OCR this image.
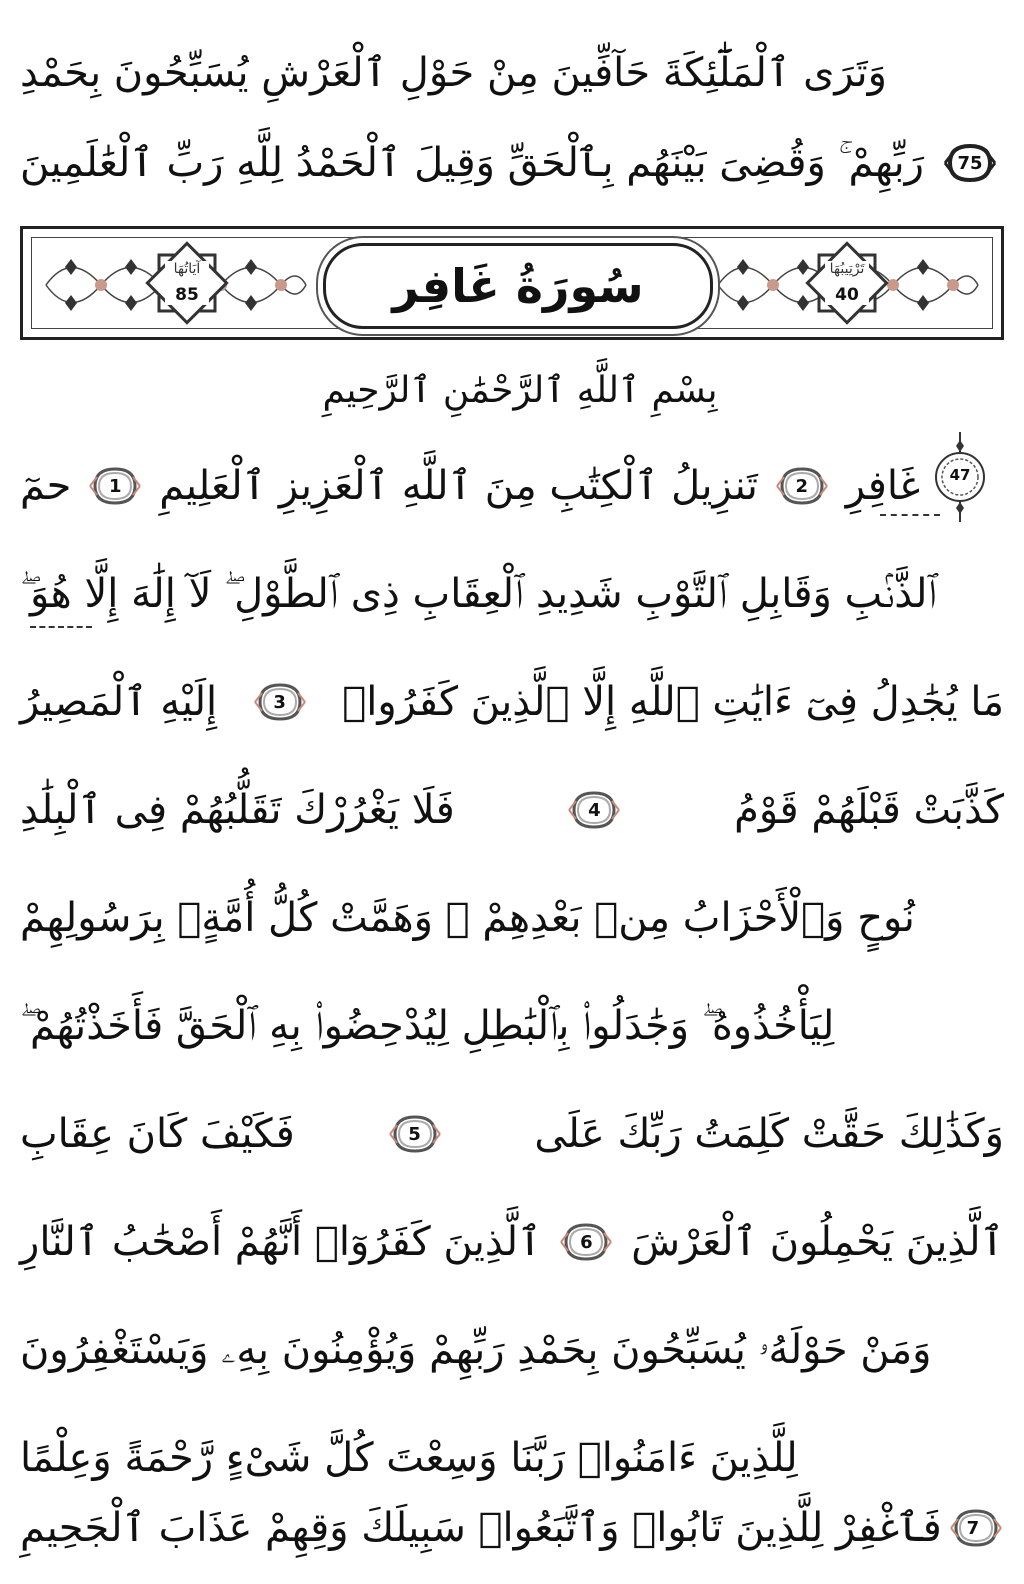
وَتَرَى ٱلْمَلَٰٓئِكَةَ حَآفِّينَ مِنْ حَوْلِ ٱلْعَرْشِ يُسَبِّحُونَ بِحَمْدِ
رَبِّهِمْ ۚ وَقُضِىَ بَيْنَهُم بِٱلْحَقِّ وَقِيلَ ٱلْحَمْدُ لِلَّهِ رَبِّ ٱلْعَٰلَمِينَ 75
آيَاتُهَا
85
تَرْتِيبُهَا
40
سُورَةُ غَافِر
بِسْمِ ٱللَّهِ ٱلرَّحْمَٰنِ ٱلرَّحِيمِ
47
حمٓ 1 تَنزِيلُ ٱلْكِتَٰبِ مِنَ ٱللَّهِ ٱلْعَزِيزِ ٱلْعَلِيمِ 2 غَافِرِ
ٱلذَّنۢبِ وَقَابِلِ ٱلتَّوْبِ شَدِيدِ ٱلْعِقَابِ ذِى ٱلطَّوْلِ ۖ لَآ إِلَٰهَ إِلَّا هُوَ ۖ
إِلَيْهِ ٱلْمَصِيرُ	3 مَا يُجَٰدِلُ فِىٓ ءَايَٰتِ ٱللَّهِ إِلَّا ٱلَّذِينَ كَفَرُوا۟
فَلَا يَغْرُرْكَ تَقَلُّبُهُمْ فِى ٱلْبِلَٰدِ	4	كَذَّبَتْ قَبْلَهُمْ قَوْمُ
نُوحٍ وَٱلْأَحْزَابُ مِنۢ بَعْدِهِمْ ۖ وَهَمَّتْ كُلُّ أُمَّةٍۭ بِرَسُولِهِمْ
لِيَأْخُذُوهُ ۖ وَجَٰدَلُوا۟ بِٱلْبَٰطِلِ لِيُدْحِضُوا۟ بِهِ ٱلْحَقَّ فَأَخَذْتُهُمْ ۖ
فَكَيْفَ كَانَ عِقَابِ	5	وَكَذَٰلِكَ حَقَّتْ كَلِمَتُ رَبِّكَ عَلَى
ٱلَّذِينَ كَفَرُوٓا۟ أَنَّهُمْ أَصْحَٰبُ ٱلنَّارِ 6 ٱلَّذِينَ يَحْمِلُونَ ٱلْعَرْشَ
وَمَنْ حَوْلَهُۥ يُسَبِّحُونَ بِحَمْدِ رَبِّهِمْ وَيُؤْمِنُونَ بِهِۦ وَيَسْتَغْفِرُونَ
لِلَّذِينَ ءَامَنُوا۟ رَبَّنَا وَسِعْتَ كُلَّ شَىْءٍ رَّحْمَةً وَعِلْمًا
فَٱغْفِرْ لِلَّذِينَ تَابُوا۟ وَٱتَّبَعُوا۟ سَبِيلَكَ وَقِهِمْ عَذَابَ ٱلْجَحِيمِ 7
